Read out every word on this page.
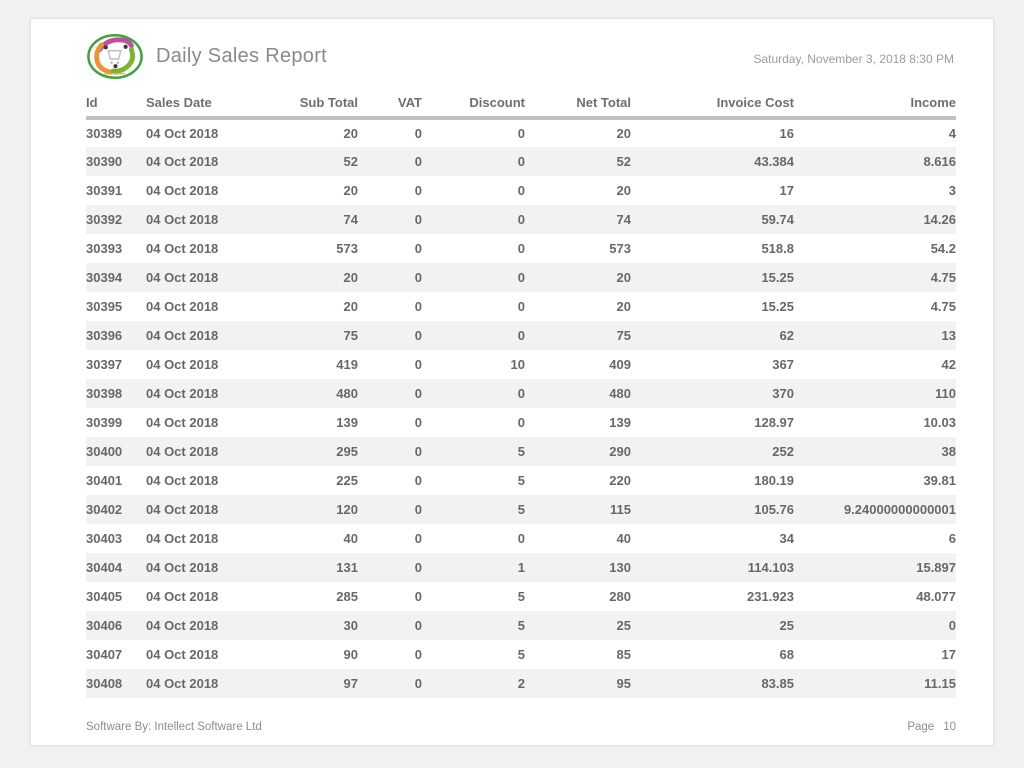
Daily Sales Report	Saturday, November 3, 2018 8:30 PM
Id	Sales Date	Sub Total	VAT	Discount	Net Total	Invoice Cost	Income
30389	04 Oct 2018	20	0	0	20	16	4
30390	04 Oct 2018	52	0	0	52	43.384	8.616
30391	04 Oct 2018	20	0	0	20	17	3
30392	04 Oct 2018	74	0	0	74	59.74	14.26
30393	04 Oct 2018	573	0	0	573	518.8	54.2
30394	04 Oct 2018	20	0	0	20	15.25	4.75
30395	04 Oct 2018	20	0	0	20	15.25	4.75
30396	04 Oct 2018	75	0	0	75	62	13
30397	04 Oct 2018	419	0	10	409	367	42
30398	04 Oct 2018	480	0	0	480	370	110
30399	04 Oct 2018	139	0	0	139	128.97	10.03
30400	04 Oct 2018	295	0	5	290	252	38
30401	04 Oct 2018	225	0	5	220	180.19	39.81
30402	04 Oct 2018	120	0	5	115	105.76	9.24000000000001
30403	04 Oct 2018	40	0	0	40	34	6
30404	04 Oct 2018	131	0	1	130	114.103	15.897
30405	04 Oct 2018	285	0	5	280	231.923	48.077
30406	04 Oct 2018	30	0	5	25	25	0
30407	04 Oct 2018	90	0	5	85	68	17
30408	04 Oct 2018	97	0	2	95	83.85	11.15
Software By: Intellect Software Ltd	Page 10
